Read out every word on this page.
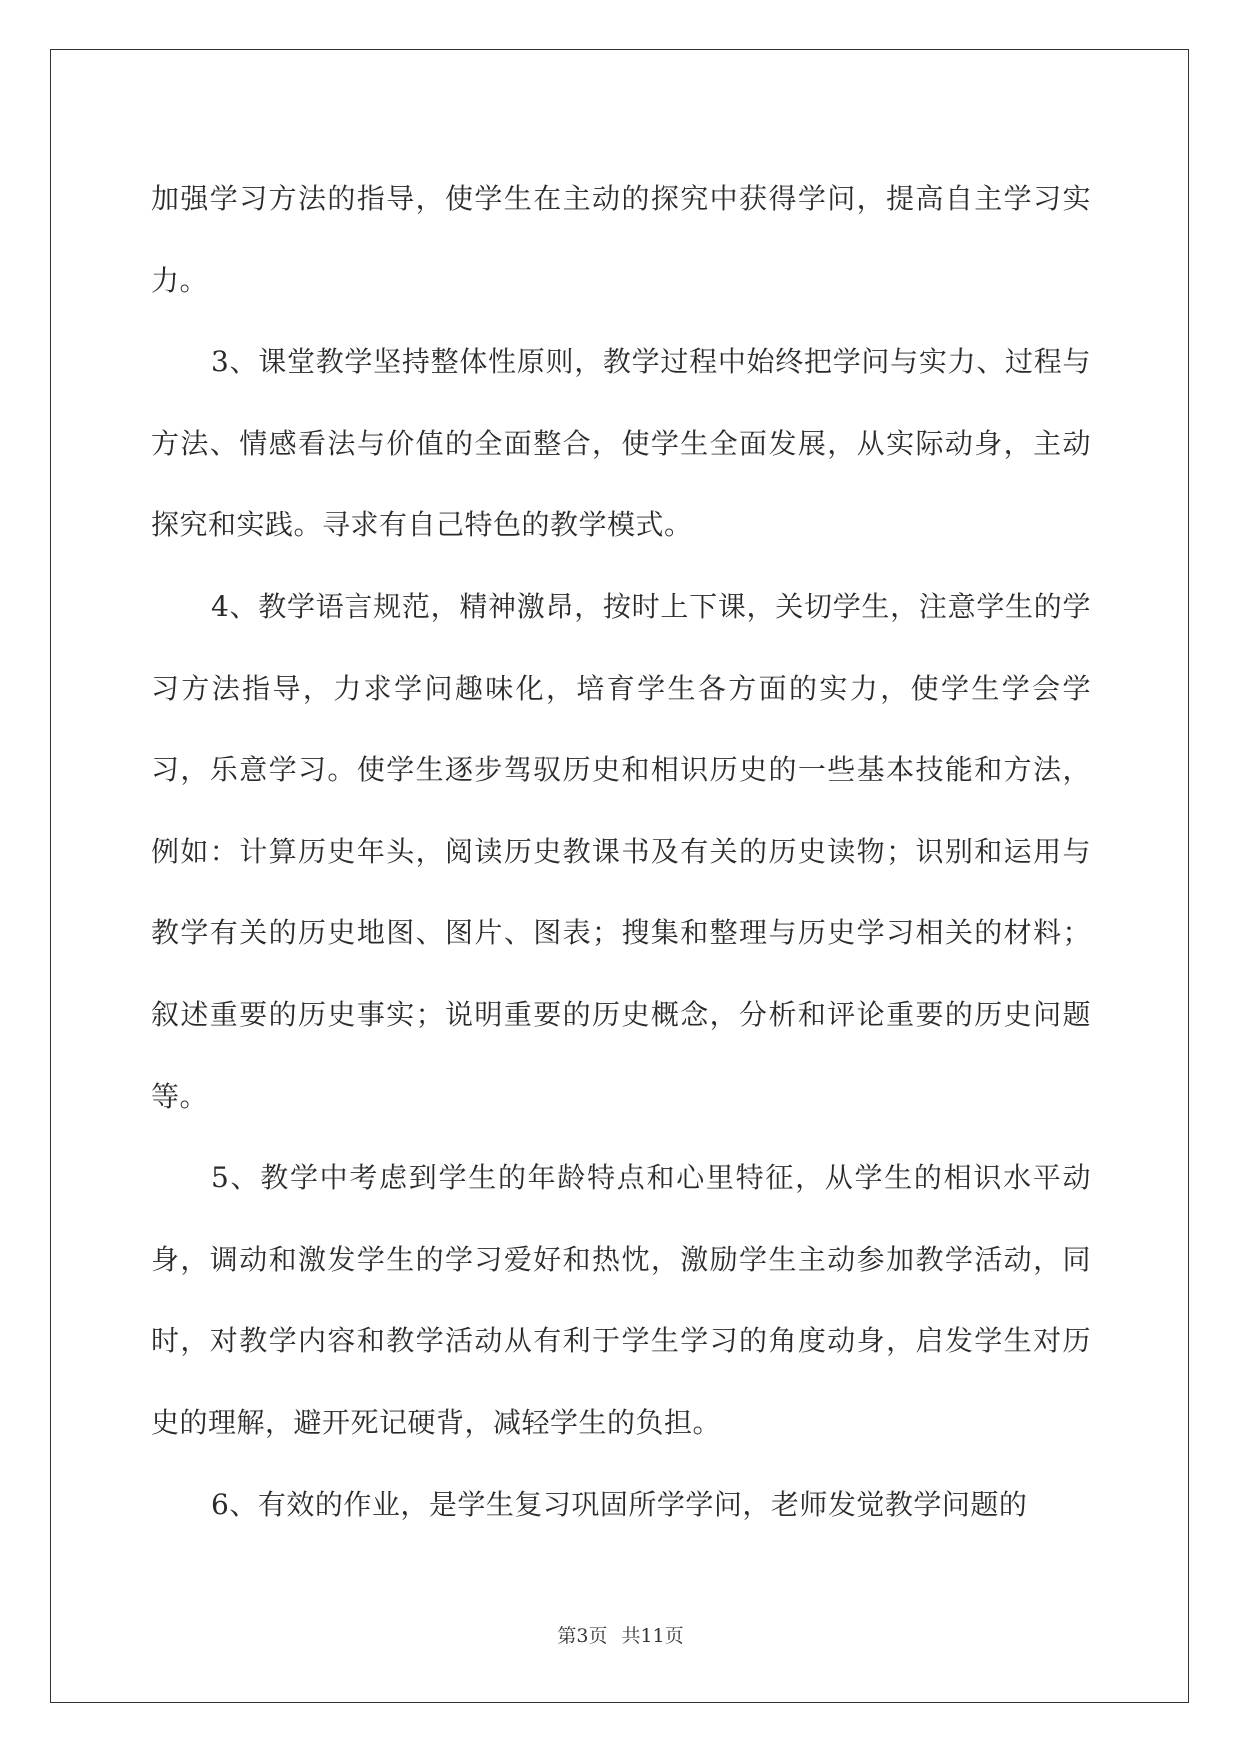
加强学习方法的指导，使学生在主动的探究中获得学问，提高自主学习实力。

3、课堂教学坚持整体性原则，教学过程中始终把学问与实力、过程与方法、情感看法与价值的全面整合，使学生全面发展，从实际动身，主动探究和实践。寻求有自己特色的教学模式。

4、教学语言规范，精神激昂，按时上下课，关切学生，注意学生的学习方法指导，力求学问趣味化，培育学生各方面的实力，使学生学会学习，乐意学习。使学生逐步驾驭历史和相识历史的一些基本技能和方法，例如：计算历史年头，阅读历史教课书及有关的历史读物；识别和运用与教学有关的历史地图、图片、图表；搜集和整理与历史学习相关的材料；叙述重要的历史事实；说明重要的历史概念，分析和评论重要的历史问题等。

5、教学中考虑到学生的年龄特点和心里特征，从学生的相识水平动身，调动和激发学生的学习爱好和热忱，激励学生主动参加教学活动，同时，对教学内容和教学活动从有利于学生学习的角度动身，启发学生对历史的理解，避开死记硬背，减轻学生的负担。

6、有效的作业，是学生复习巩固所学学问，老师发觉教学问题的

第3页 共11页
